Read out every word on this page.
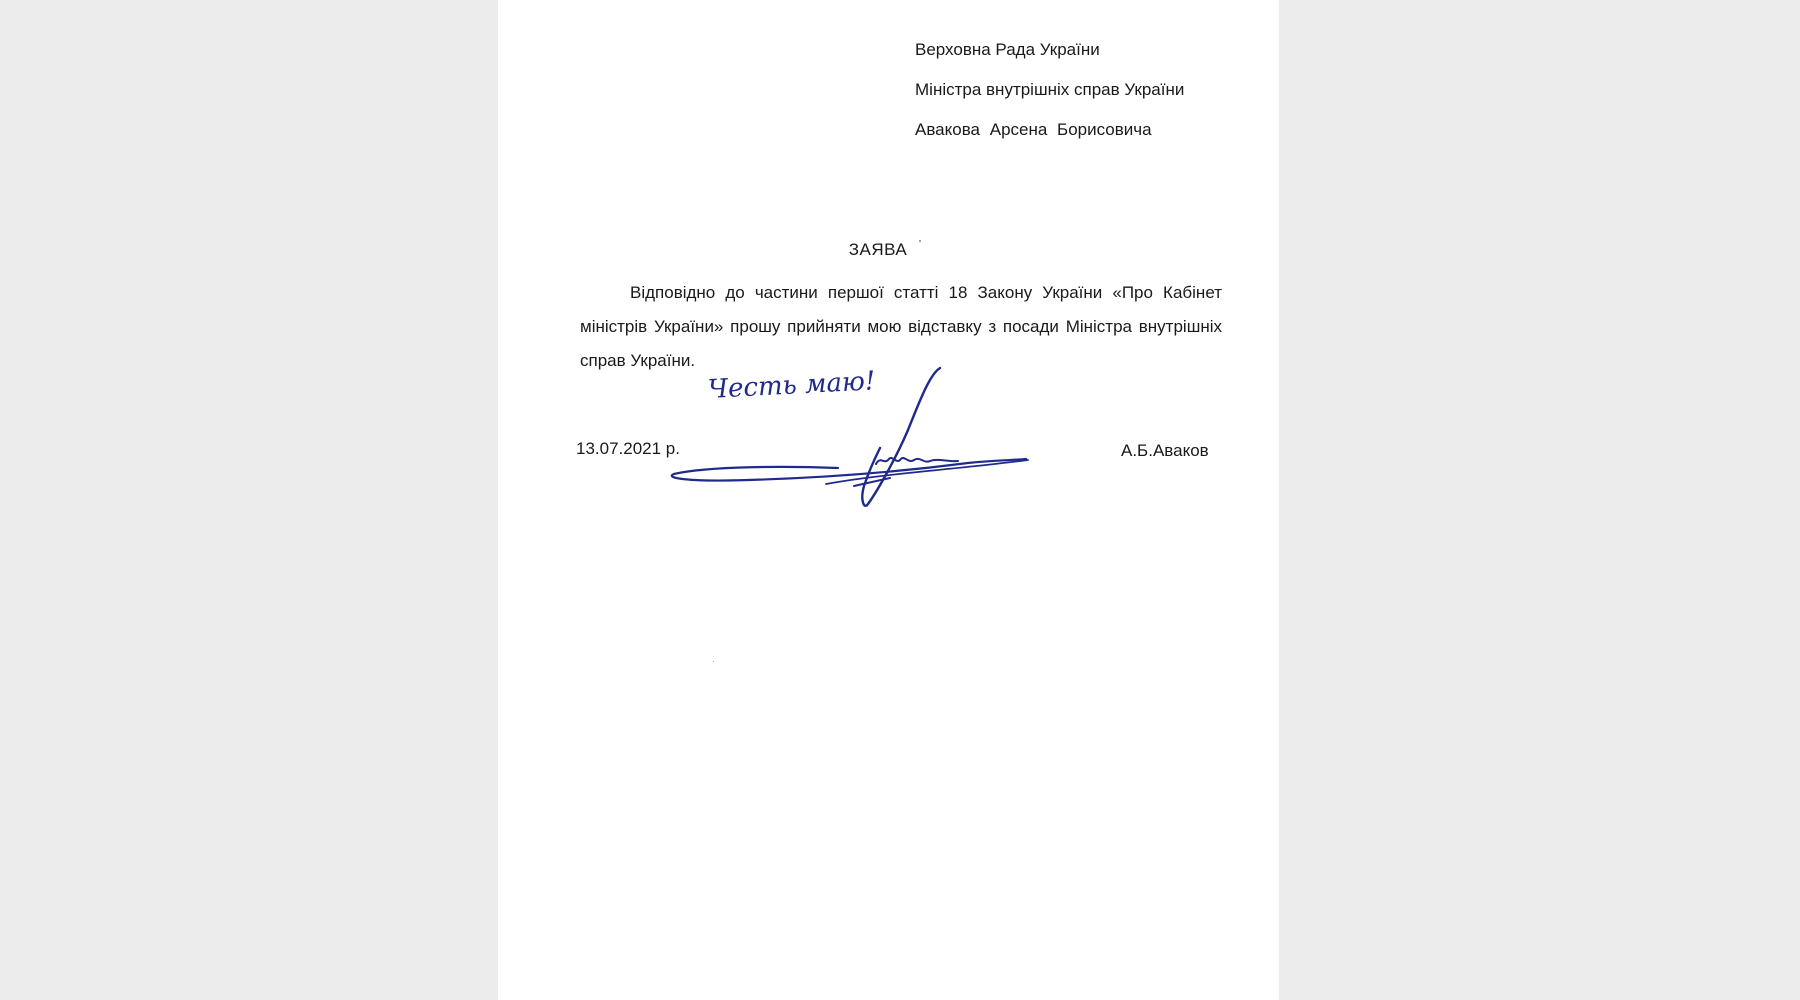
Верховна Рада України
Міністра внутрішніх справ України
Авакова Арсена Борисовича
ЗАЯВА
Відповідно до частини першої статті 18 Закону України «Про Кабінет
міністрів України» прошу прийняти мою відставку з посади Міністра внутрішніх
справ України.
Честь маю!
13.07.2021 р.	А.Б.Аваков
